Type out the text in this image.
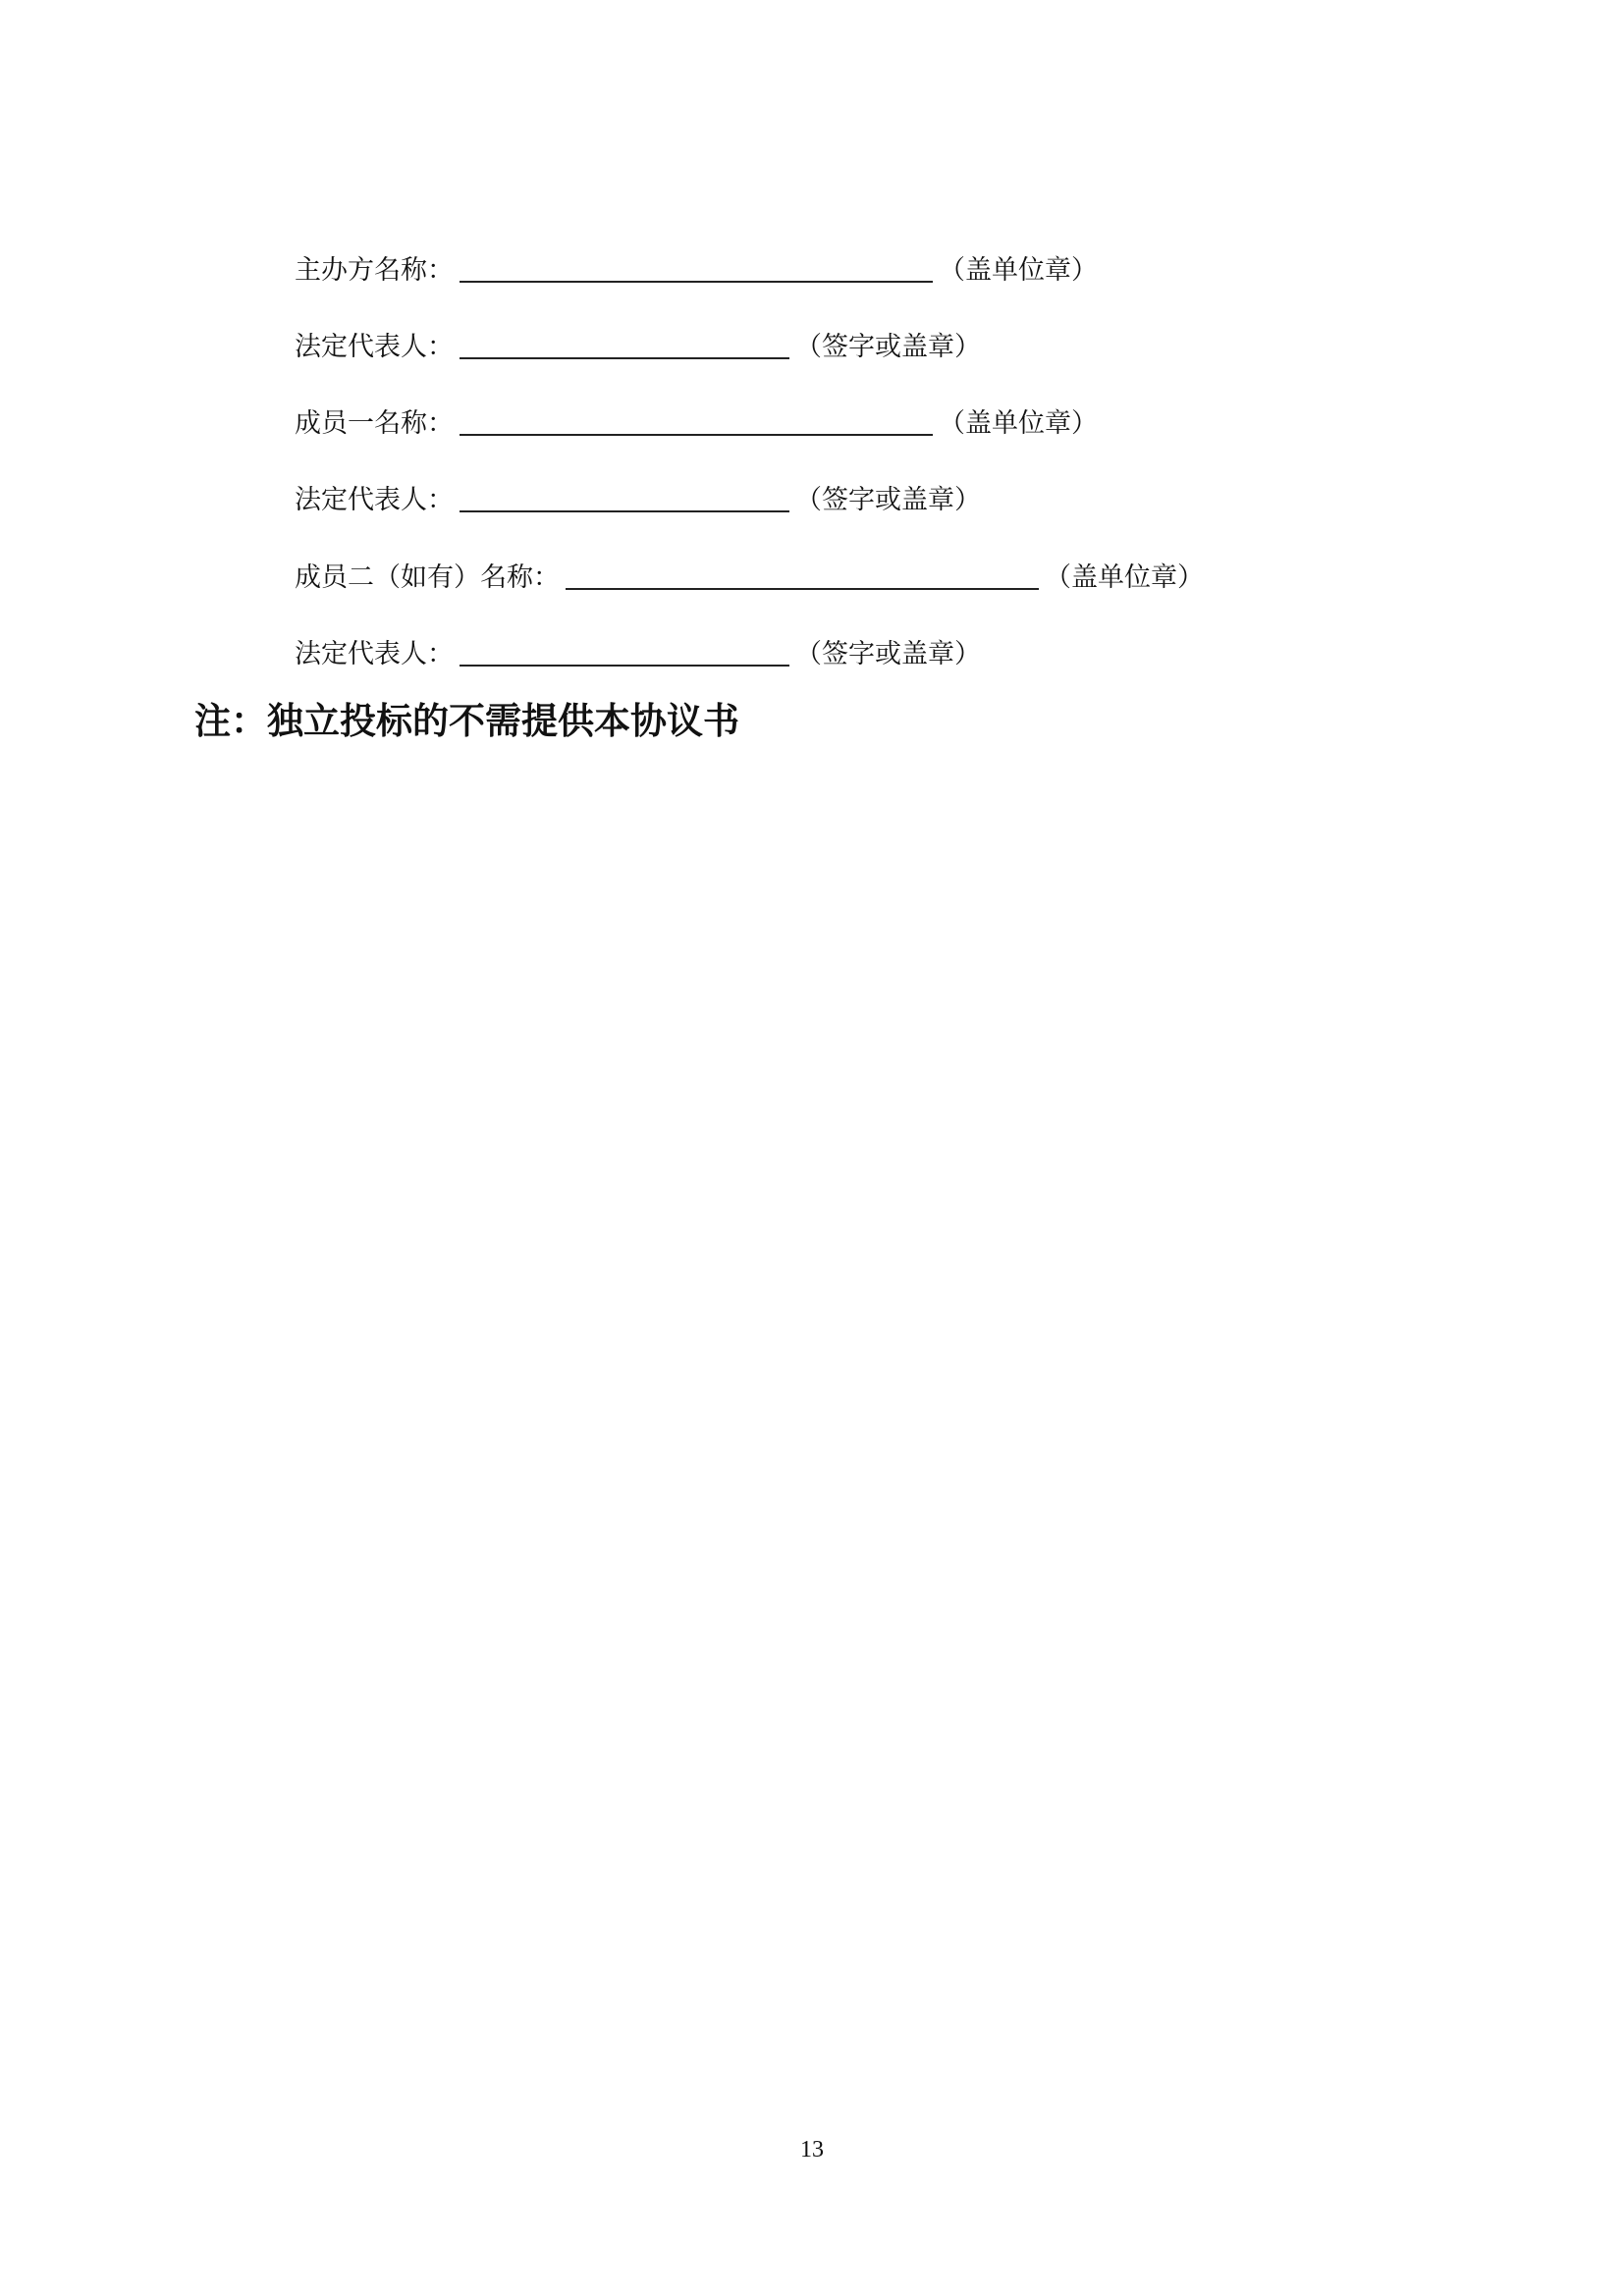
主办方名称：	（盖单位章）
法定代表人：	（签字或盖章）
成员一名称：	（盖单位章）
法定代表人：	（签字或盖章）
成员二（如有）名称：	（盖单位章）
法定代表人：	（签字或盖章）
注：独立投标的不需提供本协议书
13
